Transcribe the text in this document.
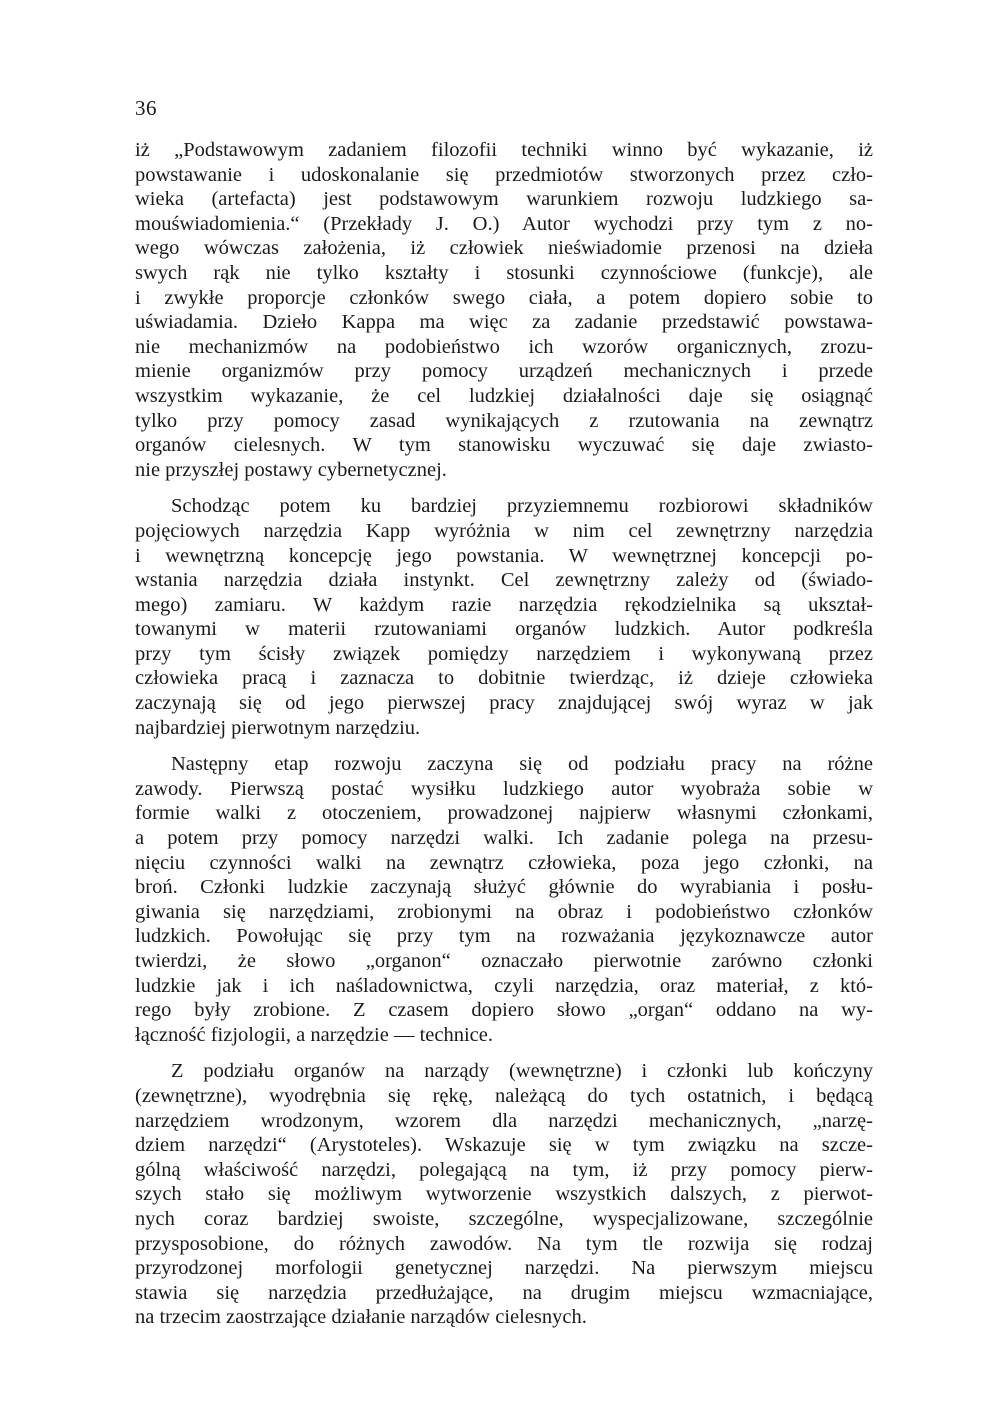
36
iż „Podstawowym zadaniem filozofii techniki winno być wykazanie, iż
powstawanie i udoskonalanie się przedmiotów stworzonych przez czło-
wieka (artefacta) jest podstawowym warunkiem rozwoju ludzkiego sa-
mouświadomienia.“ (Przekłady J. O.) Autor wychodzi przy tym z no-
wego wówczas założenia, iż człowiek nieświadomie przenosi na dzieła
swych rąk nie tylko kształty i stosunki czynnościowe (funkcje), ale
i zwykłe proporcje członków swego ciała, a potem dopiero sobie to
uświadamia. Dzieło Kappa ma więc za zadanie przedstawić powstawa-
nie mechanizmów na podobieństwo ich wzorów organicznych, zrozu-
mienie organizmów przy pomocy urządzeń mechanicznych i przede
wszystkim wykazanie, że cel ludzkiej działalności daje się osiągnąć
tylko przy pomocy zasad wynikających z rzutowania na zewnątrz
organów cielesnych. W tym stanowisku wyczuwać się daje zwiasto-
nie przyszłej postawy cybernetycznej.
Schodząc potem ku bardziej przyziemnemu rozbiorowi składników
pojęciowych narzędzia Kapp wyróżnia w nim cel zewnętrzny narzędzia
i wewnętrzną koncepcję jego powstania. W wewnętrznej koncepcji po-
wstania narzędzia działa instynkt. Cel zewnętrzny zależy od (świado-
mego) zamiaru. W każdym razie narzędzia rękodzielnika są ukształ-
towanymi w materii rzutowaniami organów ludzkich. Autor podkreśla
przy tym ścisły związek pomiędzy narzędziem i wykonywaną przez
człowieka pracą i zaznacza to dobitnie twierdząc, iż dzieje człowieka
zaczynają się od jego pierwszej pracy znajdującej swój wyraz w jak
najbardziej pierwotnym narzędziu.
Następny etap rozwoju zaczyna się od podziału pracy na różne
zawody. Pierwszą postać wysiłku ludzkiego autor wyobraża sobie w
formie walki z otoczeniem, prowadzonej najpierw własnymi członkami,
a potem przy pomocy narzędzi walki. Ich zadanie polega na przesu-
nięciu czynności walki na zewnątrz człowieka, poza jego członki, na
broń. Członki ludzkie zaczynają służyć głównie do wyrabiania i posłu-
giwania się narzędziami, zrobionymi na obraz i podobieństwo członków
ludzkich. Powołując się przy tym na rozważania językoznawcze autor
twierdzi, że słowo „organon“ oznaczało pierwotnie zarówno członki
ludzkie jak i ich naśladownictwa, czyli narzędzia, oraz materiał, z któ-
rego były zrobione. Z czasem dopiero słowo „organ“ oddano na wy-
łączność fizjologii, a narzędzie — technice.
Z podziału organów na narządy (wewnętrzne) i członki lub kończyny
(zewnętrzne), wyodrębnia się rękę, należącą do tych ostatnich, i będącą
narzędziem wrodzonym, wzorem dla narzędzi mechanicznych, „narzę-
dziem narzędzi“ (Arystoteles). Wskazuje się w tym związku na szcze-
gólną właściwość narzędzi, polegającą na tym, iż przy pomocy pierw-
szych stało się możliwym wytworzenie wszystkich dalszych, z pierwot-
nych coraz bardziej swoiste, szczególne, wyspecjalizowane, szczególnie
przysposobione, do różnych zawodów. Na tym tle rozwija się rodzaj
przyrodzonej morfologii genetycznej narzędzi. Na pierwszym miejscu
stawia się narzędzia przedłużające, na drugim miejscu wzmacniające,
na trzecim zaostrzające działanie narządów cielesnych.
